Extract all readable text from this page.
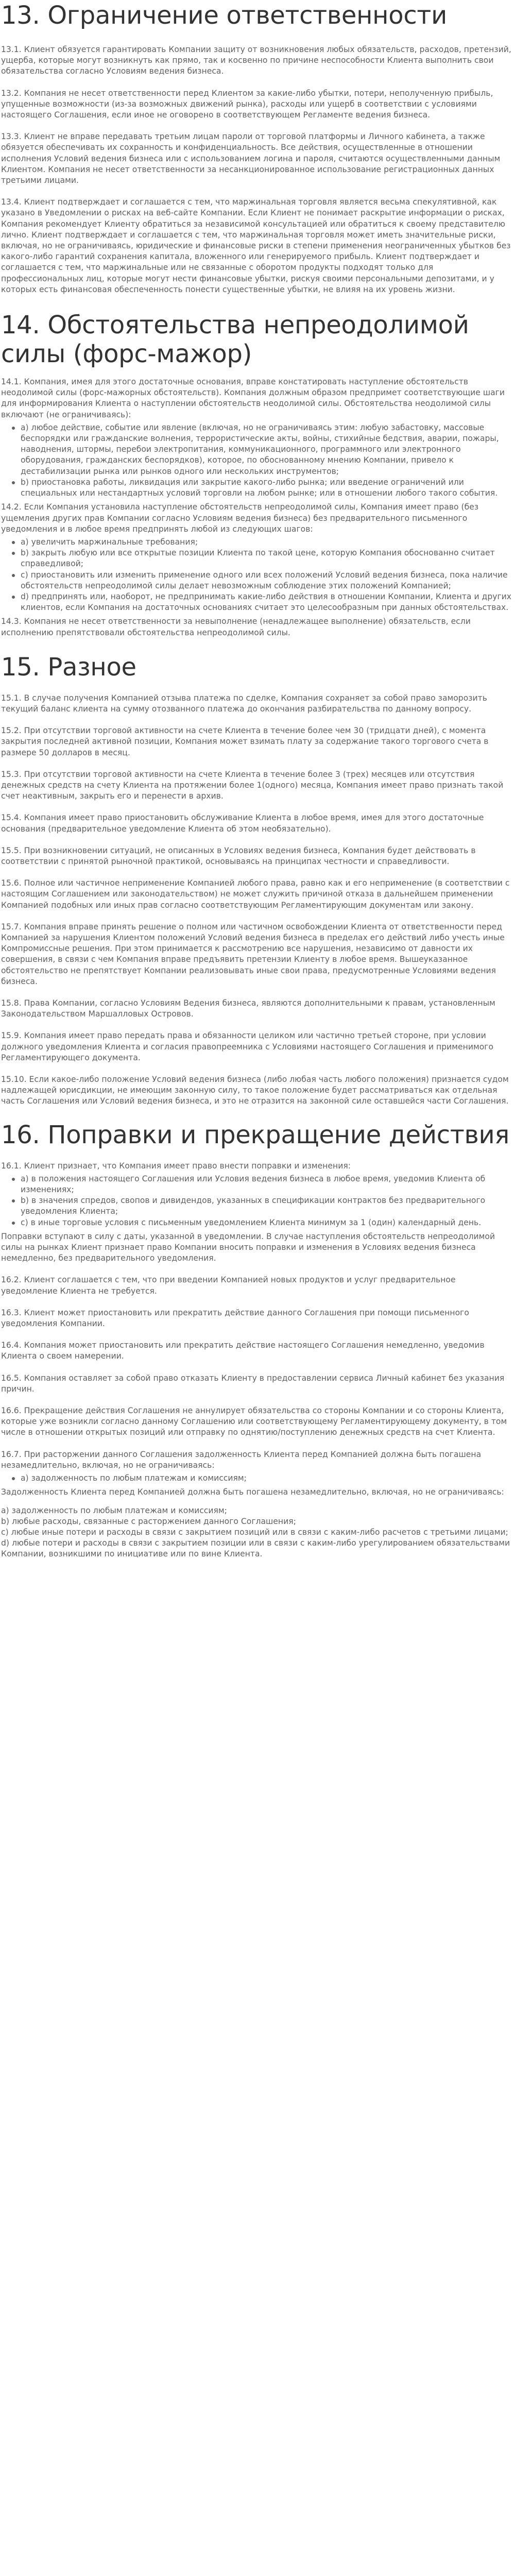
13. Ограничение ответственности

13.1. Клиент обязуется гарантировать Компании защиту от возникновения любых обязательств, расходов, претензий, ущерба, которые могут возникнуть как прямо, так и косвенно по причине неспособности Клиента выполнить свои обязательства согласно Условиям ведения бизнеса.

13.2. Компания не несет ответственности перед Клиентом за какие-либо убытки, потери, неполученную прибыль, упущенные возможности (из-за возможных движений рынка), расходы или ущерб в соответствии с условиями настоящего Соглашения, если иное не оговорено в соответствующем Регламенте ведения бизнеса.

13.3. Клиент не вправе передавать третьим лицам пароли от торговой платформы и Личного кабинета, а также обязуется обеспечивать их сохранность и конфиденциальность. Все действия, осуществленные в отношении исполнения Условий ведения бизнеса или с использованием логина и пароля, считаются осуществленными данным Клиентом. Компания не несет ответственности за несанкционированное использование регистрационных данных третьими лицами.

13.4. Клиент подтверждает и соглашается с тем, что маржинальная торговля является весьма спекулятивной, как указано в Уведомлении о рисках на веб-сайте Компании. Если Клиент не понимает раскрытие информации о рисках, Компания рекомендует Клиенту обратиться за независимой консультацией или обратиться к своему представителю лично. Клиент подтверждает и соглашается с тем, что маржинальная торговля может иметь значительные риски, включая, но не ограничиваясь, юридические и финансовые риски в степени применения неограниченных убытков без какого-либо гарантий сохранения капитала, вложенного или генерируемого прибыль. Клиент подтверждает и соглашается с тем, что маржинальные или не связанные с оборотом продукты подходят только для профессиональных лиц, которые могут нести финансовые убытки, рискуя своими персональными депозитами, и у которых есть финансовая обеспеченность понести существенные убытки, не влияя на их уровень жизни.

14. Обстоятельства непреодолимой силы (форс-мажор)

14.1. Компания, имея для этого достаточные основания, вправе констатировать наступление обстоятельств неодолимой силы (форс-мажорных обстоятельств). Компания должным образом предпримет соответствующие шаги для информирования Клиента о наступлении обстоятельств неодолимой силы. Обстоятельства неодолимой силы включают (не ограничиваясь):

а) любое действие, событие или явление (включая, но не ограничиваясь этим: любую забастовку, массовые беспорядки или гражданские волнения, террористические акты, войны, стихийные бедствия, аварии, пожары, наводнения, штормы, перебои электропитания, коммуникационного, программного или электронного оборудования, гражданских беспорядков), которое, по обоснованному мнению Компании, привело к дестабилизации рынка или рынков одного или нескольких инструментов;
b) приостановка работы, ликвидация или закрытие какого-либо рынка; или введение ограничений или специальных или нестандартных условий торговли на любом рынке; или в отношении любого такого события.

14.2. Если Компания установила наступление обстоятельств непреодолимой силы, Компания имеет право (без ущемления других прав Компании согласно Условиям ведения бизнеса) без предварительного письменного уведомления и в любое время предпринять любой из следующих шагов:

a) увеличить маржинальные требования;
b) закрыть любую или все открытые позиции Клиента по такой цене, которую Компания обоснованно считает справедливой;
c) приостановить или изменить применение одного или всех положений Условий ведения бизнеса, пока наличие обстоятельств непреодолимой силы делает невозможным соблюдение этих положений Компанией;
d) предпринять или, наоборот, не предпринимать какие-либо действия в отношении Компании, Клиента и других клиентов, если Компания на достаточных основаниях считает это целесообразным при данных обстоятельствах.

14.3. Компания не несет ответственности за невыполнение (ненадлежащее выполнение) обязательств, если исполнению препятствовали обстоятельства непреодолимой силы.

15. Разное

15.1. В случае получения Компанией отзыва платежа по сделке, Компания сохраняет за собой право заморозить текущий баланс клиента на сумму отозванного платежа до окончания разбирательства по данному вопросу.

15.2. При отсутствии торговой активности на счете Клиента в течение более чем 30 (тридцати дней), с момента закрытия последней активной позиции, Компания может взимать плату за содержание такого торгового счета в размере 50 долларов в месяц.

15.3. При отсутствии торговой активности на счете Клиента в течение более 3 (трех) месяцев или отсутствия денежных средств на счету Клиента на протяжении более 1(одного) месяца, Компания имеет право признать такой счет неактивным, закрыть его и перенести в архив.

15.4. Компания имеет право приостановить обслуживание Клиента в любое время, имея для этого достаточные основания (предварительное уведомление Клиента об этом необязательно).

15.5. При возникновении ситуаций, не описанных в Условиях ведения бизнеса, Компания будет действовать в соответствии с принятой рыночной практикой, основываясь на принципах честности и справедливости.

15.6. Полное или частичное неприменение Компанией любого права, равно как и его неприменение (в соответствии с настоящим Соглашением или законодательством) не может служить причиной отказа в дальнейшем применении Компанией подобных или иных прав согласно соответствующим Регламентирующим документам или закону.

15.7. Компания вправе принять решение о полном или частичном освобождении Клиента от ответственности перед Компанией за нарушения Клиентом положений Условий ведения бизнеса в пределах его действий либо учесть иные Компромиссные решения. При этом принимается к рассмотрению все нарушения, независимо от давности их совершения, в связи с чем Компания вправе предъявить претензии Клиенту в любое время. Вышеуказанное обстоятельство не препятствует Компании реализовывать иные свои права, предусмотренные Условиями ведения бизнеса.

15.8. Права Компании, согласно Условиям Ведения бизнеса, являются дополнительными к правам, установленным Законодательством Маршалловых Островов.

15.9. Компания имеет право передать права и обязанности целиком или частично третьей стороне, при условии должного уведомления Клиента и согласия правопреемника с Условиями настоящего Соглашения и применимого Регламентирующего документа.

15.10. Если какое-либо положение Условий ведения бизнеса (либо любая часть любого положения) признается судом надлежащей юрисдикции, не имеющим законную силу, то такое положение будет рассматриваться как отдельная часть Соглашения или Условий ведения бизнеса, и это не отразится на законной силе оставшейся части Соглашения.

16. Поправки и прекращение действия

16.1. Клиент признает, что Компания имеет право внести поправки и изменения:

a) в положения настоящего Соглашения или Условия ведения бизнеса в любое время, уведомив Клиента об изменениях;
b) в значения спредов, свопов и дивидендов, указанных в спецификации контрактов без предварительного уведомления Клиента;
c) в иные торговые условия с письменным уведомлением Клиента минимум за 1 (один) календарный день.

Поправки вступают в силу с даты, указанной в уведомлении. В случае наступления обстоятельств непреодолимой силы на рынках Клиент признает право Компании вносить поправки и изменения в Условиях ведения бизнеса немедленно, без предварительного уведомления.

16.2. Клиент соглашается с тем, что при введении Компанией новых продуктов и услуг предварительное уведомление Клиента не требуется.

16.3. Клиент может приостановить или прекратить действие данного Соглашения при помощи письменного уведомления Компании.

16.4. Компания может приостановить или прекратить действие настоящего Соглашения немедленно, уведомив Клиента о своем намерении.

16.5. Компания оставляет за собой право отказать Клиенту в предоставлении сервиса Личный кабинет без указания причин.

16.6. Прекращение действия Соглашения не аннулирует обязательства со стороны Компании и со стороны Клиента, которые уже возникли согласно данному Соглашению или соответствующему Регламентирующему документу, в том числе в отношении открытых позиций или отправку по однятию/поступлению денежных средств на счет Клиента.

16.7. При расторжении данного Соглашения задолженность Клиента перед Компанией должна быть погашена незамедлительно, включая, но не ограничиваясь:

a) задолженность по любым платежам и комиссиям;
Задолженность Клиента перед Компанией должна быть погашена незамедлительно, включая, но не ограничиваясь:
a) задолженность по любым платежам и комиссиям;
b) любые расходы, связанные с расторжением данного Соглашения;
c) любые иные потери и расходы в связи с закрытием позиций или в связи с каким-либо расчетов с третьими лицами;
d) любые потери и расходы в связи с закрытием позиции или в связи с каким-либо урегулированием обязательствами Компании, возникшими по инициативе или по вине Клиента.
